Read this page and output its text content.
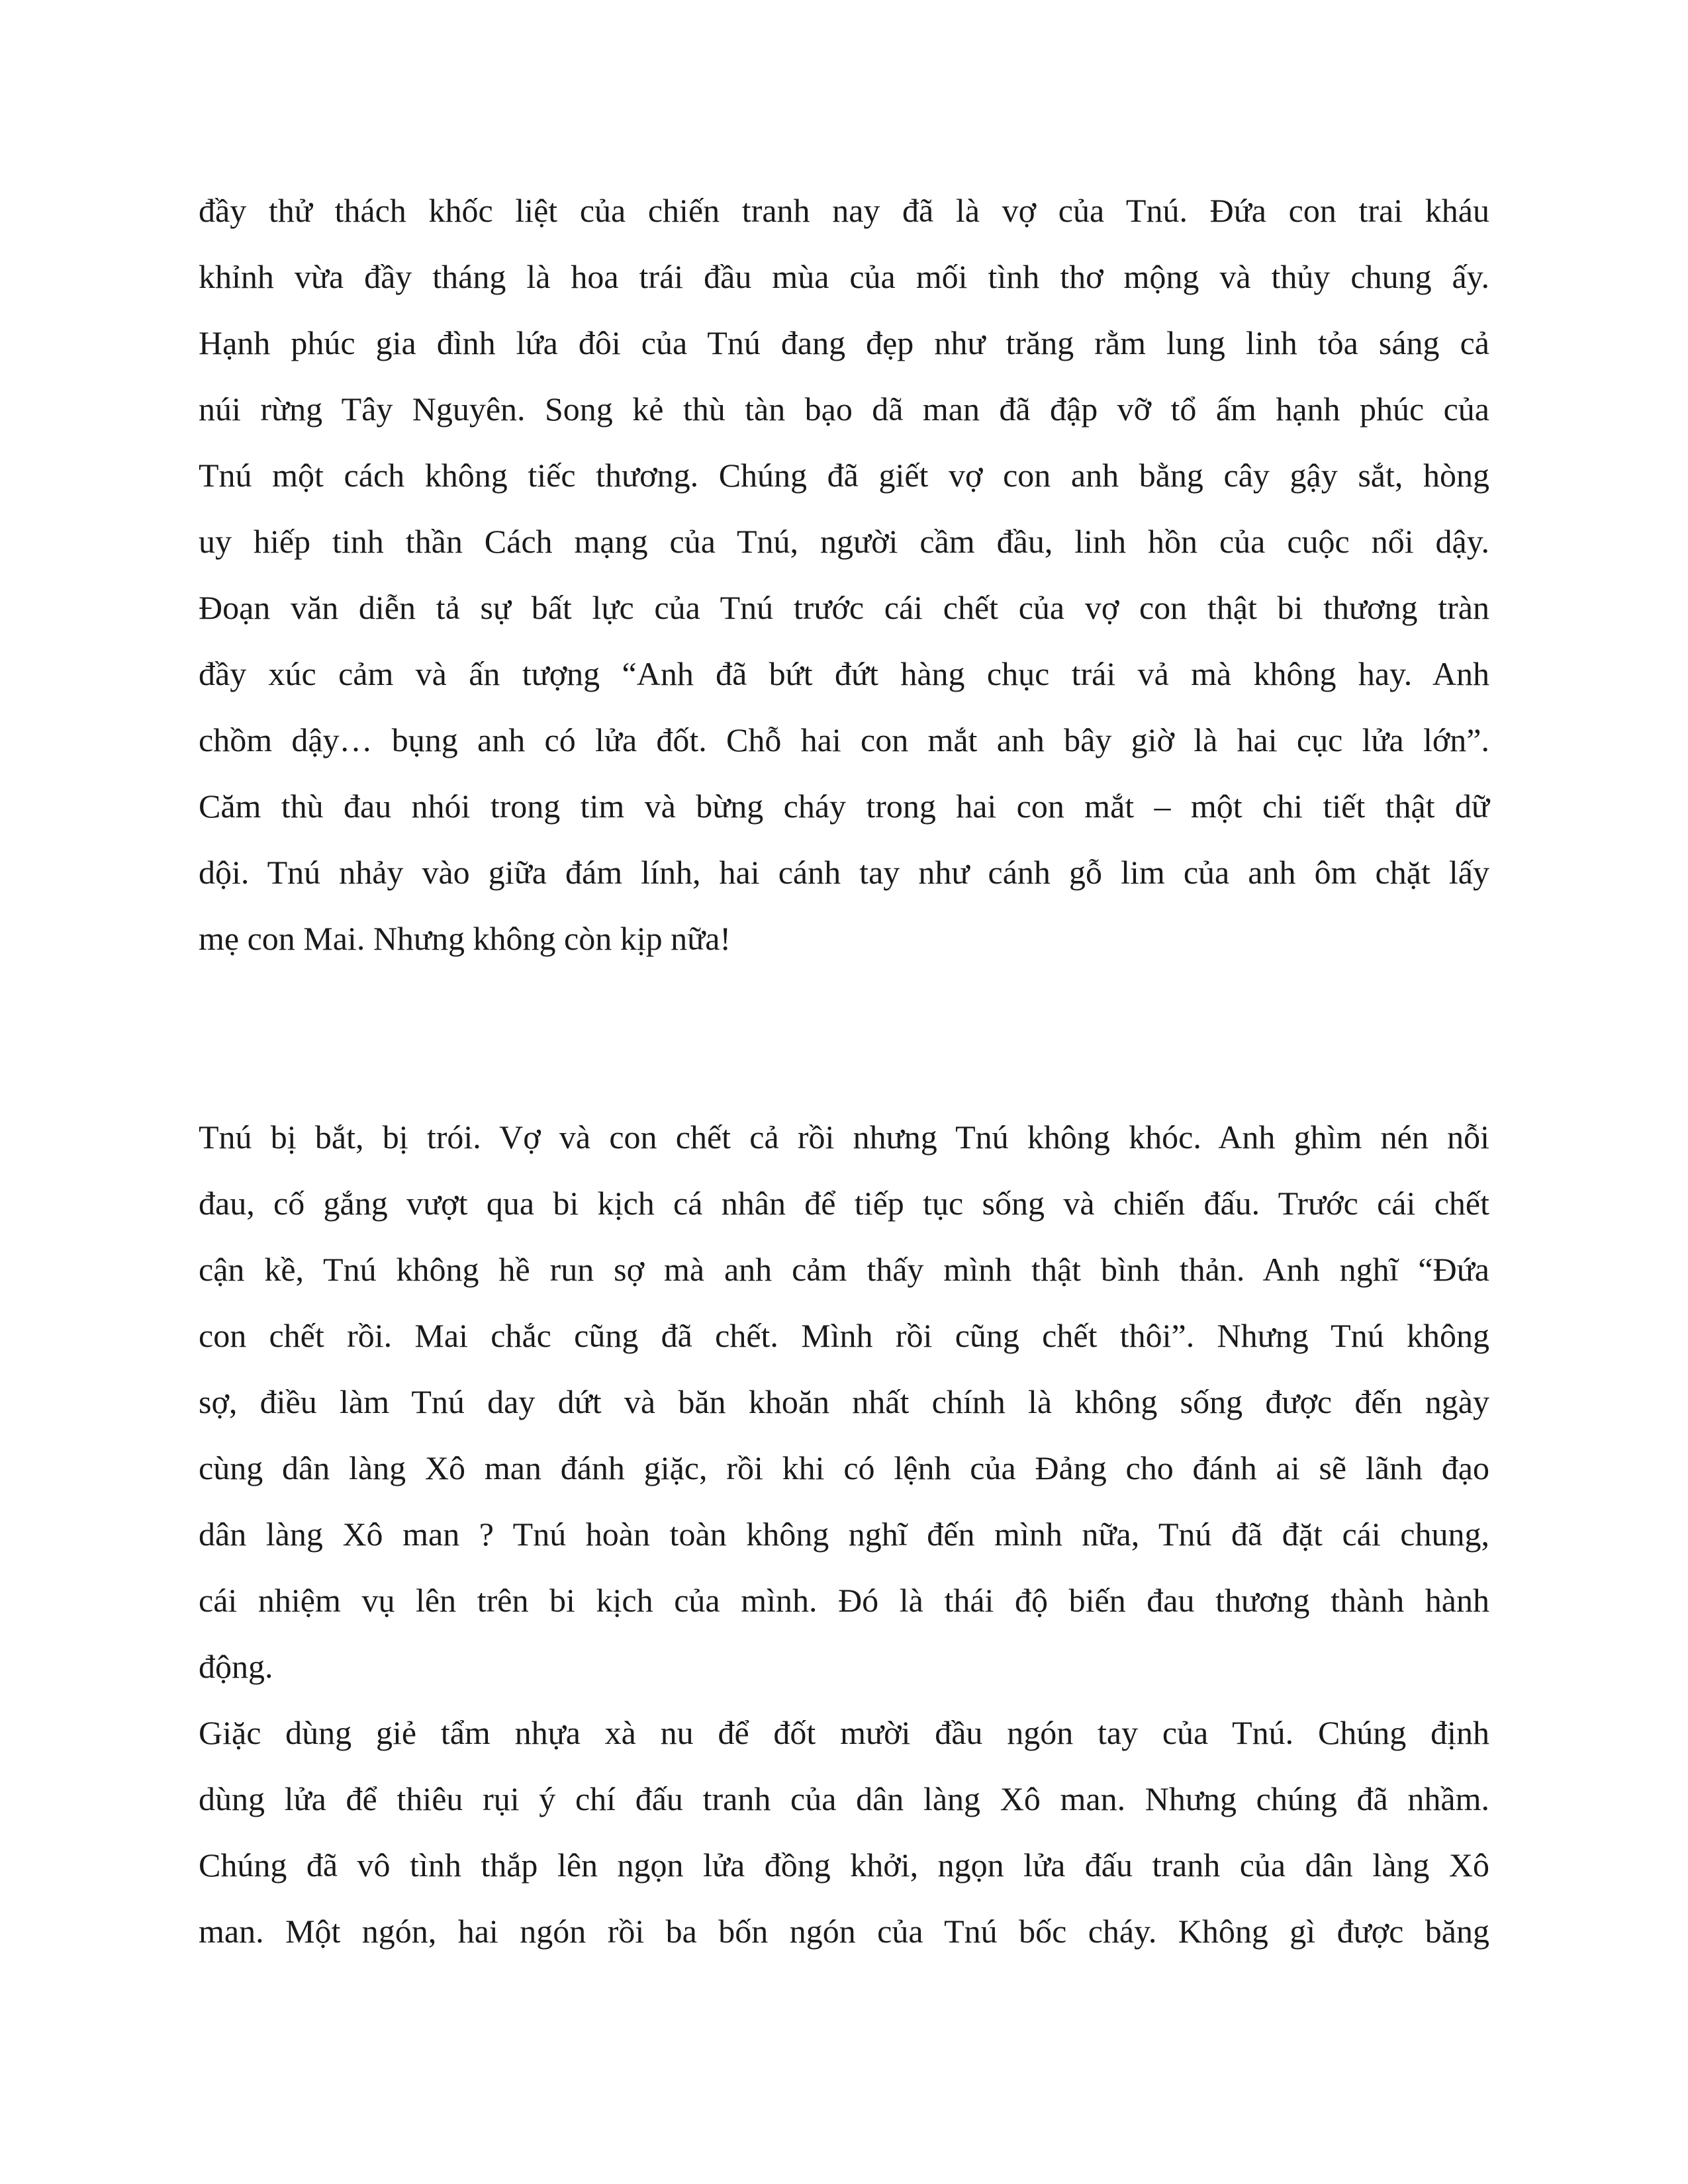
đầy thử thách khốc liệt của chiến tranh nay đã là vợ của Tnú. Đứa con trai kháu
khỉnh vừa đầy tháng là hoa trái đầu mùa của mối tình thơ mộng và thủy chung ấy.
Hạnh phúc gia đình lứa đôi của Tnú đang đẹp như trăng rằm lung linh tỏa sáng cả
núi rừng Tây Nguyên. Song kẻ thù tàn bạo dã man đã đập vỡ tổ ấm hạnh phúc của
Tnú một cách không tiếc thương. Chúng đã giết vợ con anh bằng cây gậy sắt, hòng
uy hiếp tinh thần Cách mạng của Tnú, người cầm đầu, linh hồn của cuộc nổi dậy.
Đoạn văn diễn tả sự bất lực của Tnú trước cái chết của vợ con thật bi thương tràn
đầy xúc cảm và ấn tượng “Anh đã bứt đứt hàng chục trái vả mà không hay. Anh
chồm dậy… bụng anh có lửa đốt. Chỗ hai con mắt anh bây giờ là hai cục lửa lớn”.
Căm thù đau nhói trong tim và bừng cháy trong hai con mắt – một chi tiết thật dữ
dội. Tnú nhảy vào giữa đám lính, hai cánh tay như cánh gỗ lim của anh ôm chặt lấy
mẹ con Mai. Nhưng không còn kịp nữa!
Tnú bị bắt, bị trói. Vợ và con chết cả rồi nhưng Tnú không khóc. Anh ghìm nén nỗi
đau, cố gắng vượt qua bi kịch cá nhân để tiếp tục sống và chiến đấu. Trước cái chết
cận kề, Tnú không hề run sợ mà anh cảm thấy mình thật bình thản. Anh nghĩ “Đứa
con chết rồi. Mai chắc cũng đã chết. Mình rồi cũng chết thôi”. Nhưng Tnú không
sợ, điều làm Tnú day dứt và băn khoăn nhất chính là không sống được đến ngày
cùng dân làng Xô man đánh giặc, rồi khi có lệnh của Đảng cho đánh ai sẽ lãnh đạo
dân làng Xô man ? Tnú hoàn toàn không nghĩ đến mình nữa, Tnú đã đặt cái chung,
cái nhiệm vụ lên trên bi kịch của mình. Đó là thái độ biến đau thương thành hành
động.
Giặc dùng giẻ tẩm nhựa xà nu để đốt mười đầu ngón tay của Tnú. Chúng định
dùng lửa để thiêu rụi ý chí đấu tranh của dân làng Xô man. Nhưng chúng đã nhầm.
Chúng đã vô tình thắp lên ngọn lửa đồng khởi, ngọn lửa đấu tranh của dân làng Xô
man. Một ngón, hai ngón rồi ba bốn ngón của Tnú bốc cháy. Không gì được băng
